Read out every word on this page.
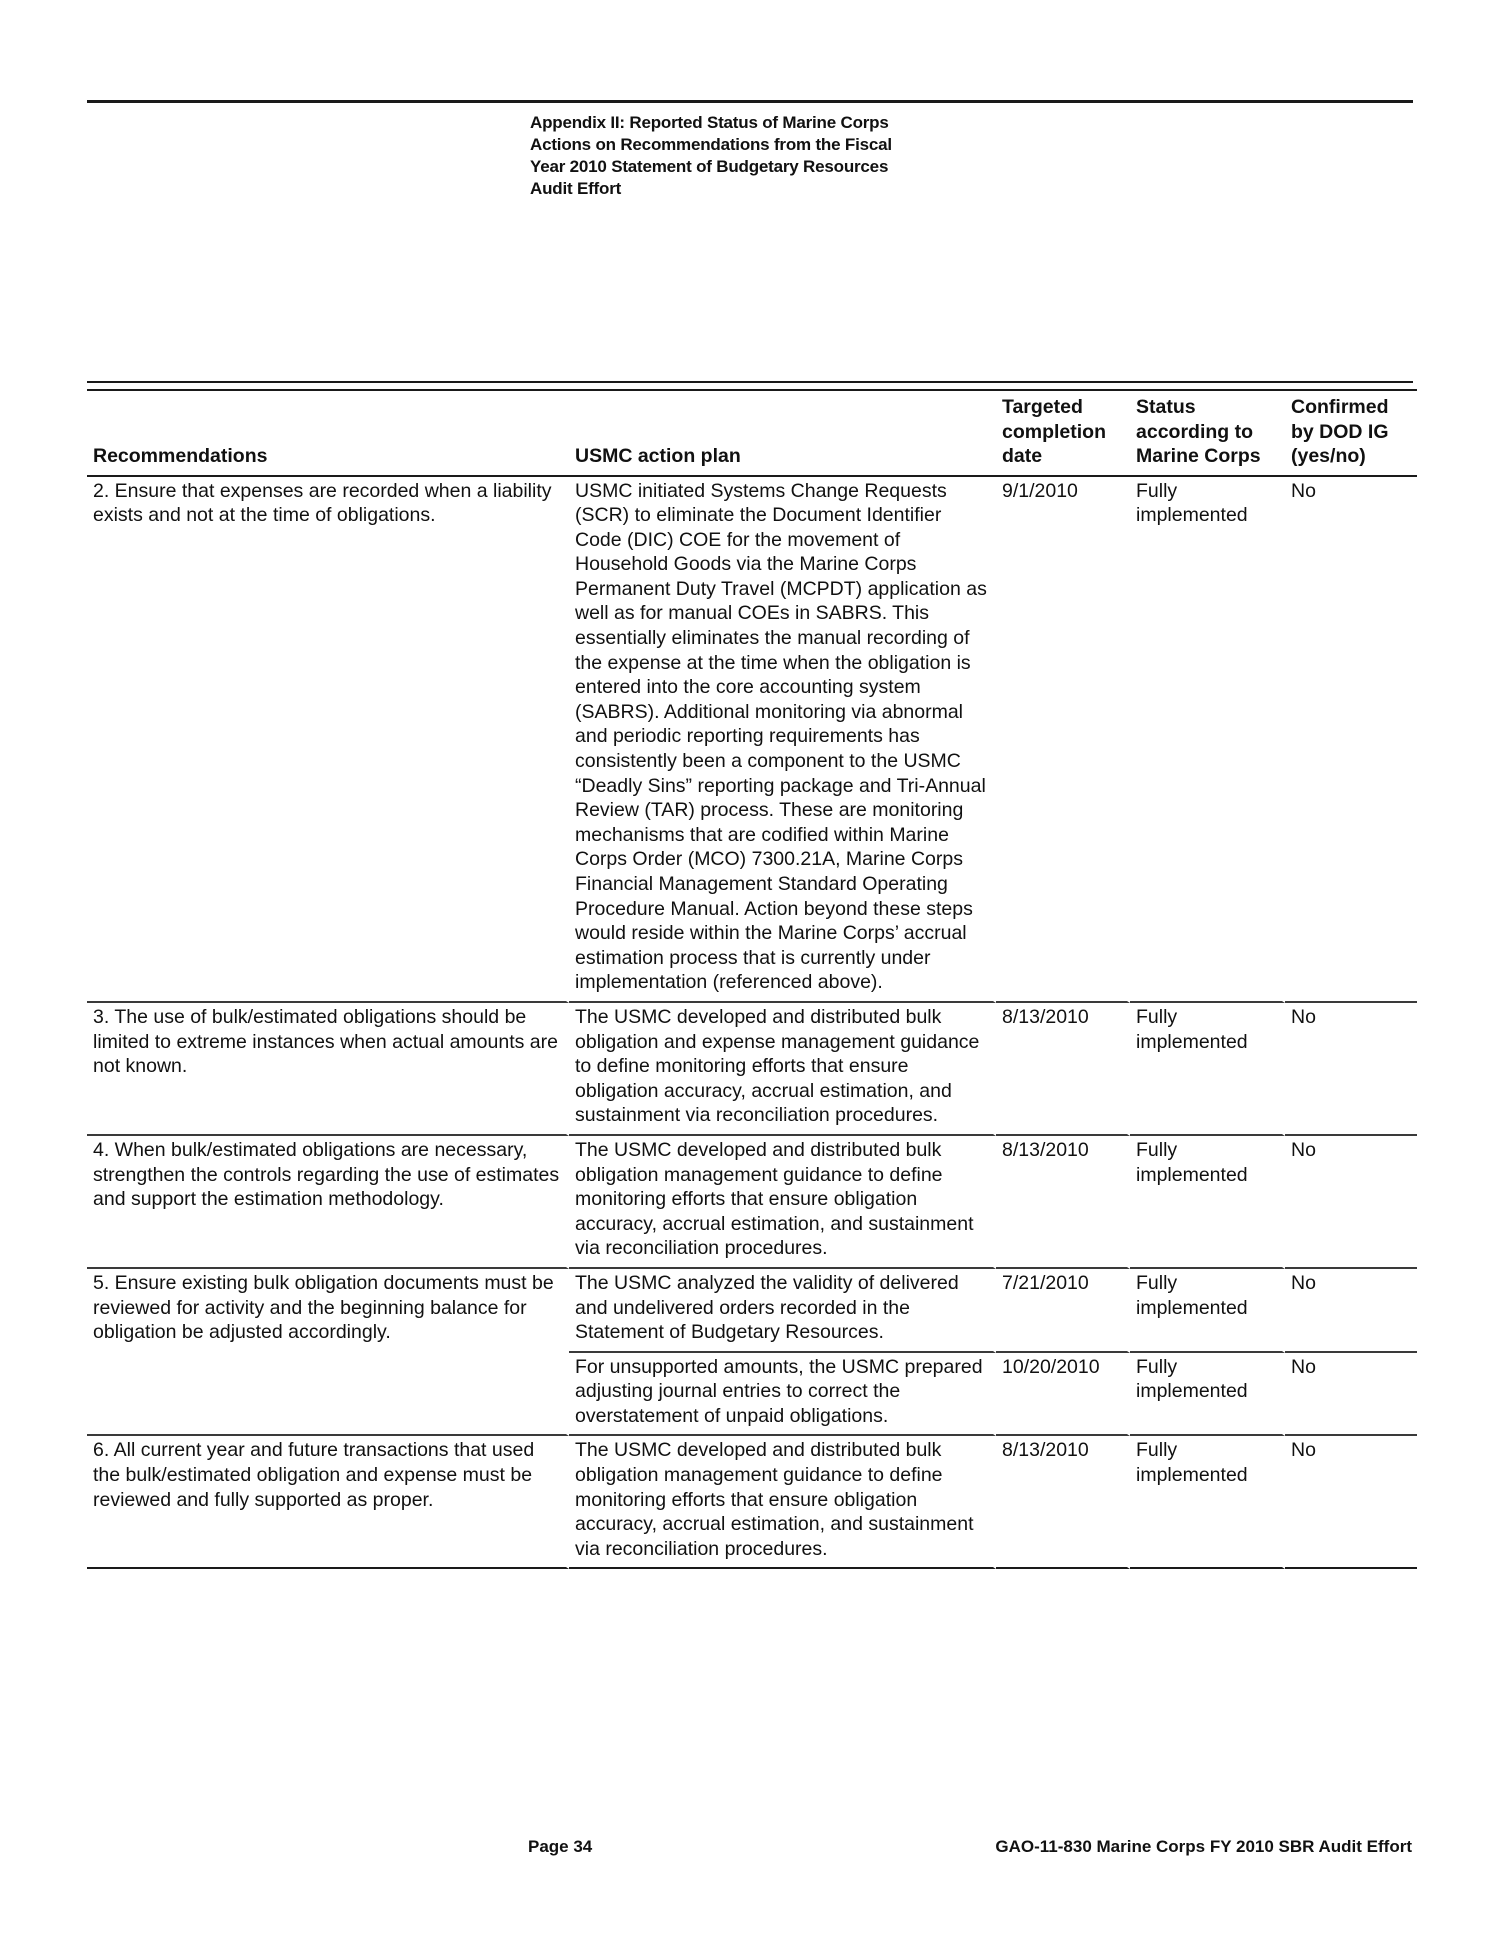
Appendix II: Reported Status of Marine Corps
Actions on Recommendations from the Fiscal
Year 2010 Statement of Budgetary Resources
Audit Effort
Recommendations	USMC action plan	Targeted completion date	Status according to Marine Corps	Confirmed by DOD IG (yes/no)
2. Ensure that expenses are recorded when a liability exists and not at the time of obligations.	USMC initiated Systems Change Requests (SCR) to eliminate the Document Identifier Code (DIC) COE for the movement of Household Goods via the Marine Corps Permanent Duty Travel (MCPDT) application as well as for manual COEs in SABRS. This essentially eliminates the manual recording of the expense at the time when the obligation is entered into the core accounting system (SABRS). Additional monitoring via abnormal and periodic reporting requirements has consistently been a component to the USMC “Deadly Sins” reporting package and Tri-Annual Review (TAR) process. These are monitoring mechanisms that are codified within Marine Corps Order (MCO) 7300.21A, Marine Corps Financial Management Standard Operating Procedure Manual. Action beyond these steps would reside within the Marine Corps’ accrual estimation process that is currently under implementation (referenced above).	9/1/2010	Fully implemented	No
3. The use of bulk/estimated obligations should be limited to extreme instances when actual amounts are not known.	The USMC developed and distributed bulk obligation and expense management guidance to define monitoring efforts that ensure obligation accuracy, accrual estimation, and sustainment via reconciliation procedures.	8/13/2010	Fully implemented	No
4. When bulk/estimated obligations are necessary, strengthen the controls regarding the use of estimates and support the estimation methodology.	The USMC developed and distributed bulk obligation management guidance to define monitoring efforts that ensure obligation accuracy, accrual estimation, and sustainment via reconciliation procedures.	8/13/2010	Fully implemented	No

5. Ensure existing bulk obligation documents must be reviewed for activity and the beginning balance for obligation be adjusted accordingly.	The USMC analyzed the validity of delivered and undelivered orders recorded in the Statement of Budgetary Resources.	7/21/2010	Fully implemented	No
	For unsupported amounts, the USMC prepared adjusting journal entries to correct the overstatement of unpaid obligations.	10/20/2010	Fully implemented	No
6. All current year and future transactions that used the bulk/estimated obligation and expense must be reviewed and fully supported as proper.	The USMC developed and distributed bulk obligation management guidance to define monitoring efforts that ensure obligation accuracy, accrual estimation, and sustainment via reconciliation procedures.	8/13/2010	Fully implemented	No
Page 34	GAO-11-830 Marine Corps FY 2010 SBR Audit Effort
